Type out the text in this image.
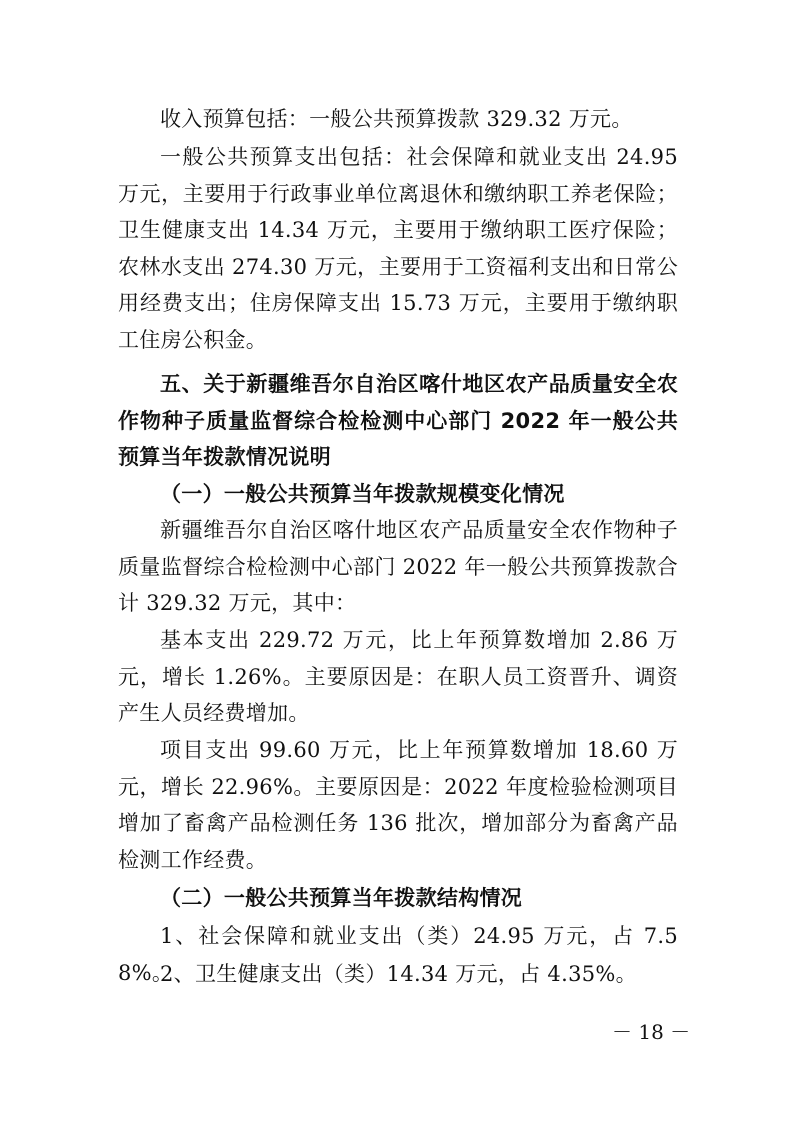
收入预算包括：一般公共预算拨款 329.32 万元。

一般公共预算支出包括：社会保障和就业支出 24.95 万元，主要用于行政事业单位离退休和缴纳职工养老保险；卫生健康支出 14.34 万元，主要用于缴纳职工医疗保险；农林水支出 274.30 万元，主要用于工资福利支出和日常公用经费支出；住房保障支出 15.73 万元，主要用于缴纳职工住房公积金。

五、关于新疆维吾尔自治区喀什地区农产品质量安全农作物种子质量监督综合检检测中心部门 2022 年一般公共预算当年拨款情况说明

（一）一般公共预算当年拨款规模变化情况

新疆维吾尔自治区喀什地区农产品质量安全农作物种子质量监督综合检检测中心部门 2022 年一般公共预算拨款合计 329.32 万元，其中：

基本支出 229.72 万元，比上年预算数增加 2.86 万元，增长 1.26%。主要原因是：在职人员工资晋升、调资产生人员经费增加。

项目支出 99.60 万元，比上年预算数增加 18.60 万元，增长 22.96%。主要原因是：2022 年度检验检测项目增加了畜禽产品检测任务 136 批次，增加部分为畜禽产品检测工作经费。

（二）一般公共预算当年拨款结构情况

1、社会保障和就业支出（类）24.95 万元，占 7.58%。

2、卫生健康支出（类）14.34 万元，占 4.35%。

－ 18 －
